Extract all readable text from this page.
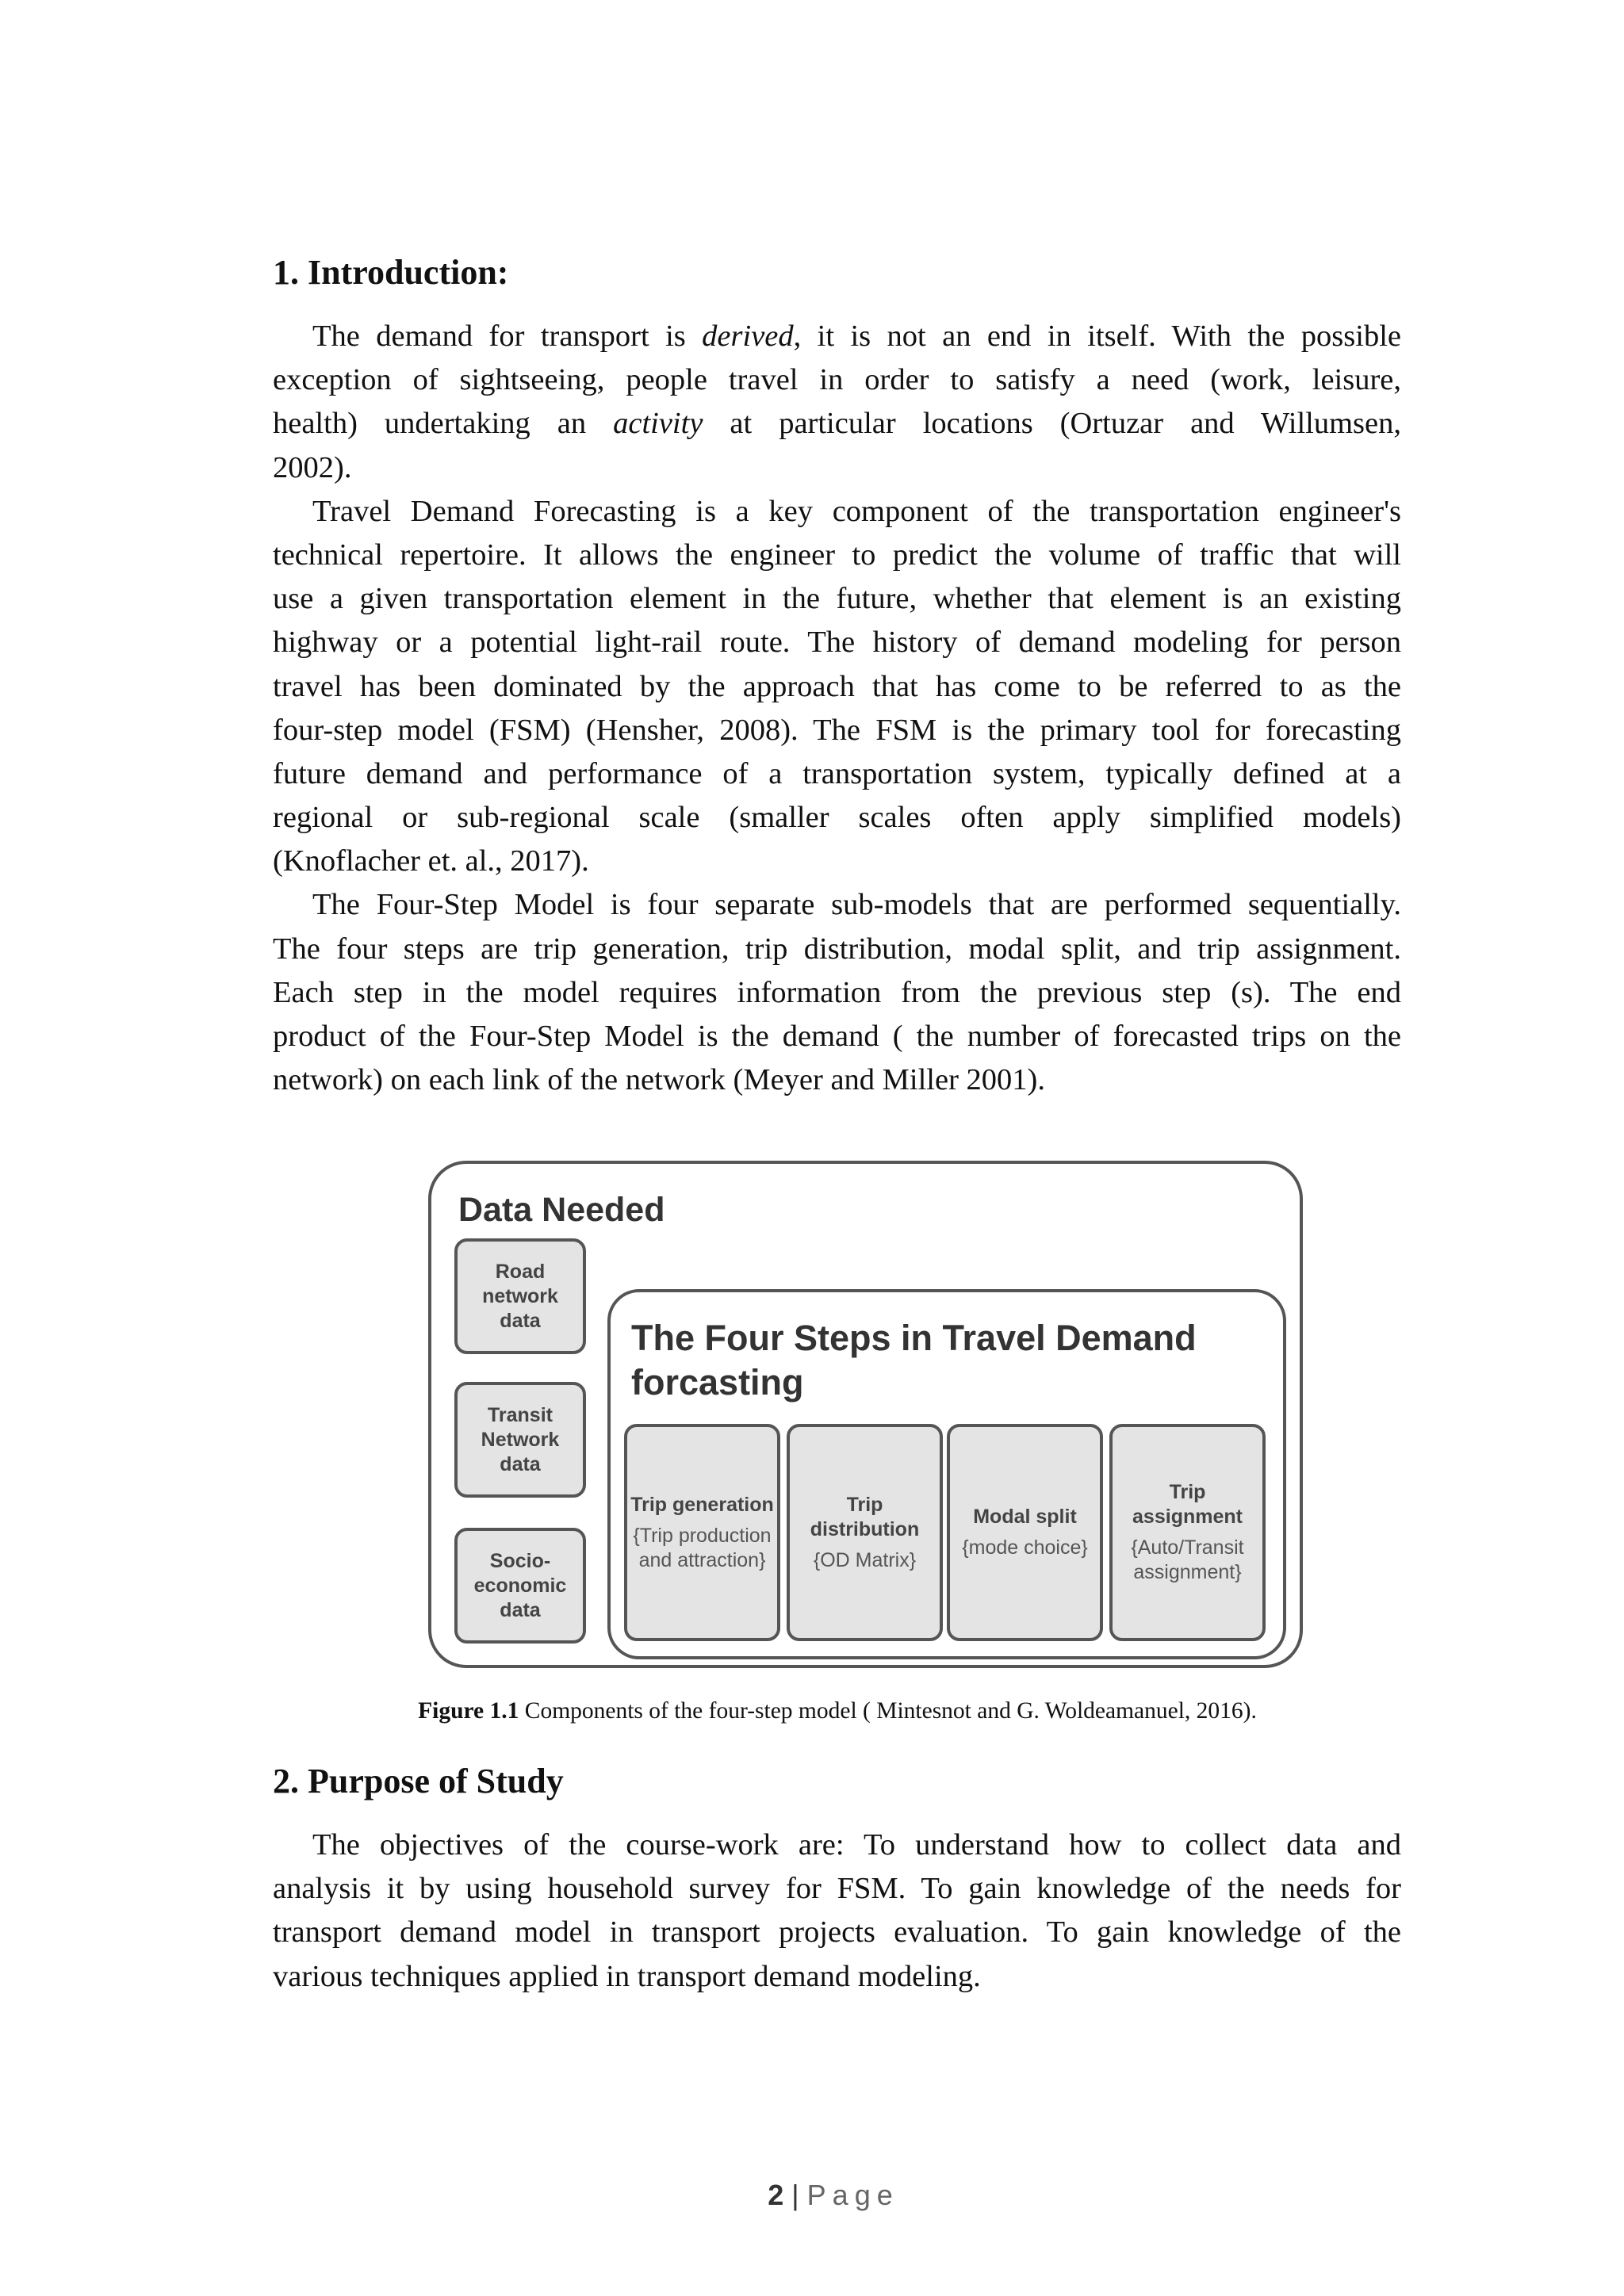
1. Introduction:
The demand for transport is derived, it is not an end in itself. With the possible
exception of sightseeing, people travel in order to satisfy a need (work, leisure,
health) undertaking an activity at particular locations (Ortuzar and Willumsen,
2002).
Travel Demand Forecasting is a key component of the transportation engineer's
technical repertoire. It allows the engineer to predict the volume of traffic that will
use a given transportation element in the future, whether that element is an existing
highway or a potential light-rail route. The history of demand modeling for person
travel has been dominated by the approach that has come to be referred to as the
four-step model (FSM) (Hensher, 2008). The FSM is the primary tool for forecasting
future demand and performance of a transportation system, typically defined at a
regional or sub-regional scale (smaller scales often apply simplified models)
(Knoflacher et. al., 2017).
The Four-Step Model is four separate sub-models that are performed sequentially.
The four steps are trip generation, trip distribution, modal split, and trip assignment.
Each step in the model requires information from the previous step (s). The end
product of the Four-Step Model is the demand ( the number of forecasted trips on the
network) on each link of the network (Meyer and Miller 2001).
Data Needed
Road network data
Transit Network data
Socio-economic data
The Four Steps in Travel Demand forcasting
Trip generation
{Trip production and attraction}
Trip distribution
{OD Matrix}
Modal split
{mode choice}
Trip assignment
{Auto/Transit assignment}
Figure 1.1 Components of the four-step model ( Mintesnot and G. Woldeamanuel, 2016).
2. Purpose of Study
The objectives of the course-work are: To understand how to collect data and
analysis it by using household survey for FSM. To gain knowledge of the needs for
transport demand model in transport projects evaluation. To gain knowledge of the
various techniques applied in transport demand modeling.
2 | Page
